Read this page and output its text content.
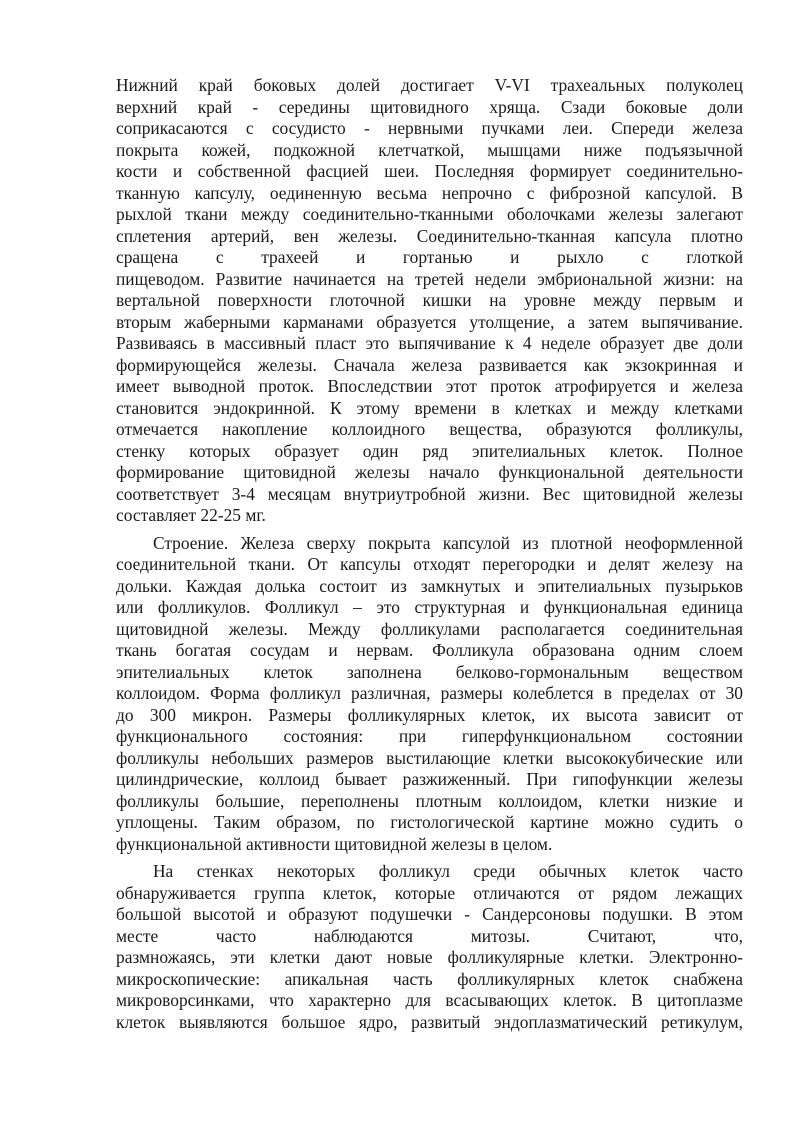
Нижний край боковых долей достигает V-VI трахеальных полуколец
верхний край - середины щитовидного хряща. Сзади боковые доли
соприкасаются с сосудисто - нервными пучками леи. Спереди железа
покрыта кожей, подкожной клетчаткой, мышцами ниже подъязычной
кости и собственной фасцией шеи. Последняя формирует соединительно-
тканную капсулу, оединенную весьма непрочно с фиброзной капсулой. В
рыхлой ткани между соединительно-тканными оболочками железы залегают
сплетения артерий, вен железы. Соединительно-тканная капсула плотно
сращена с трахеей и гортанью и рыхло с глоткой
пищеводом. Развитие начинается на третей недели эмбриональной жизни: на
вертальной поверхности глоточной кишки на уровне между первым и
вторым жаберными карманами образуется утолщение, а затем выпячивание.
Развиваясь в массивный пласт это выпячивание к 4 неделе образует две доли
формирующейся железы. Сначала железа развивается как экзокринная и
имеет выводной проток. Впоследствии этот проток атрофируется и железа
становится эндокринной. К этому времени в клетках и между клетками
отмечается накопление коллоидного вещества, образуются фолликулы,
стенку которых образует один ряд эпителиальных клеток. Полное
формирование щитовидной железы начало функциональной деятельности
соответствует 3-4 месяцам внутриутробной жизни. Вес щитовидной железы
составляет 22-25 мг.
Строение. Железа сверху покрыта капсулой из плотной неоформленной
соединительной ткани. От капсулы отходят перегородки и делят железу на
дольки. Каждая долька состоит из замкнутых и эпителиальных пузырьков
или фолликулов. Фолликул – это структурная и функциональная единица
щитовидной железы. Между фолликулами располагается соединительная
ткань богатая сосудам и нервам. Фолликула образована одним слоем
эпителиальных клеток заполнена белково-гормональным веществом
коллоидом. Форма фолликул различная, размеры колеблется в пределах от 30
до 300 микрон. Размеры фолликулярных клеток, их высота зависит от
функционального состояния: при гиперфункциональном состоянии
фолликулы небольших размеров выстилающие клетки высококубические или
цилиндрические, коллоид бывает разжиженный. При гипофункции железы
фолликулы большие, переполнены плотным коллоидом, клетки низкие и
уплощены. Таким образом, по гистологической картине можно судить о
функциональной активности щитовидной железы в целом.
На стенках некоторых фолликул среди обычных клеток часто
обнаруживается группа клеток, которые отличаются от рядом лежащих
большой высотой и образуют подушечки - Сандерсоновы подушки. В этом
месте часто наблюдаются митозы. Считают, что,
размножаясь, эти клетки дают новые фолликулярные клетки. Электронно-
микроскопические: апикальная часть фолликулярных клеток снабжена
микроворсинками, что характерно для всасывающих клеток. В цитоплазме
клеток выявляются большое ядро, развитый эндоплазматический ретикулум,
